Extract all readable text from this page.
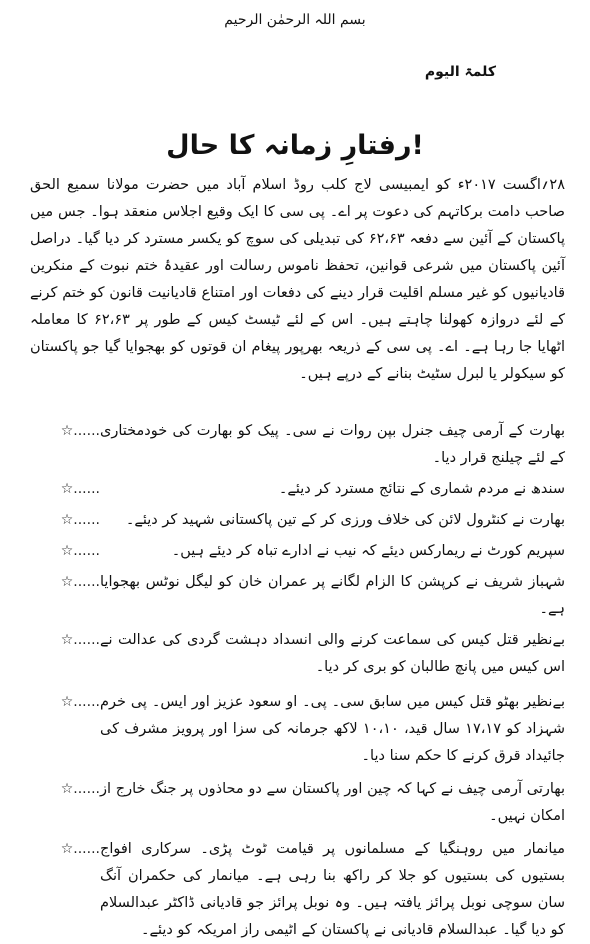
بسم اللہ الرحمٰن الرحیم
کلمۃ الیوم
رفتارِ زمانہ کا حال!

۲۸؍اگست ۲۰۱۷ء کو ایمبیسی لاج کلب روڈ اسلام آباد میں حضرت مولانا سمیع الحق صاحب دامت برکاتہم کی دعوت پر اے۔ پی سی کا ایک وقیع اجلاس منعقد ہوا۔ جس میں پاکستان کے آئین سے دفعہ ۶۲،۶۳ کی تبدیلی کی سوچ کو یکسر مسترد کر دیا گیا۔ دراصل آئین پاکستان میں شرعی قوانین، تحفظ ناموس رسالت اور عقیدۂ ختم نبوت کے منکرین قادیانیوں کو غیر مسلم اقلیت قرار دینے کی دفعات اور امتناع قادیانیت قانون کو ختم کرنے کے لئے دروازہ کھولنا چاہتے ہیں۔ اس کے لئے ٹیسٹ کیس کے طور پر ۶۲،۶۳ کا معاملہ اٹھایا جا رہا ہے۔ اے۔ پی سی کے ذریعہ بھرپور پیغام ان قوتوں کو بھجوایا گیا جو پاکستان کو سیکولر یا لبرل سٹیٹ بنانے کے درپے ہیں۔

بھارت کے آرمی چیف جنرل بپن روات نے سی۔ پیک کو بھارت کی خودمختاری کے لئے چیلنج قرار دیا۔
☆......
سندھ نے مردم شماری کے نتائج مسترد کر دیئے۔
☆......
بھارت نے کنٹرول لائن کی خلاف ورزی کر کے تین پاکستانی شہید کر دیئے۔
☆......
سپریم کورٹ نے ریمارکس دیئے کہ نیب نے ادارے تباہ کر دیئے ہیں۔
☆......
شہباز شریف نے کرپشن کا الزام لگانے پر عمران خان کو لیگل نوٹس بھجوایا ہے۔
☆......
بےنظیر قتل کیس کی سماعت کرنے والی انسداد دہشت گردی کی عدالت نے اس کیس میں پانچ طالبان کو بری کر دیا۔
☆......
بےنظیر بھٹو قتل کیس میں سابق سی۔ پی۔ او سعود عزیز اور ایس۔ پی خرم شہزاد کو ۱۷،۱۷ سال قید، ۱۰،۱۰ لاکھ جرمانہ کی سزا اور پرویز مشرف کی جائیداد قرق کرنے کا حکم سنا دیا۔
☆......
بھارتی آرمی چیف نے کہا کہ چین اور پاکستان سے دو محاذوں پر جنگ خارج از امکان نہیں۔
☆......
میانمار میں روہنگیا کے مسلمانوں پر قیامت ٹوٹ پڑی۔ سرکاری افواج بستیوں کی بستیوں کو جلا کر راکھ بنا رہی ہے۔ میانمار کی حکمران آنگ سان سوچی نوبل پرائز یافتہ ہیں۔ وہ نوبل پرائز جو قادیانی ڈاکٹر عبدالسلام کو دیا گیا۔ عبدالسلام قادیانی نے پاکستان کے اٹیمی راز امریکہ کو دیئے۔
☆......
